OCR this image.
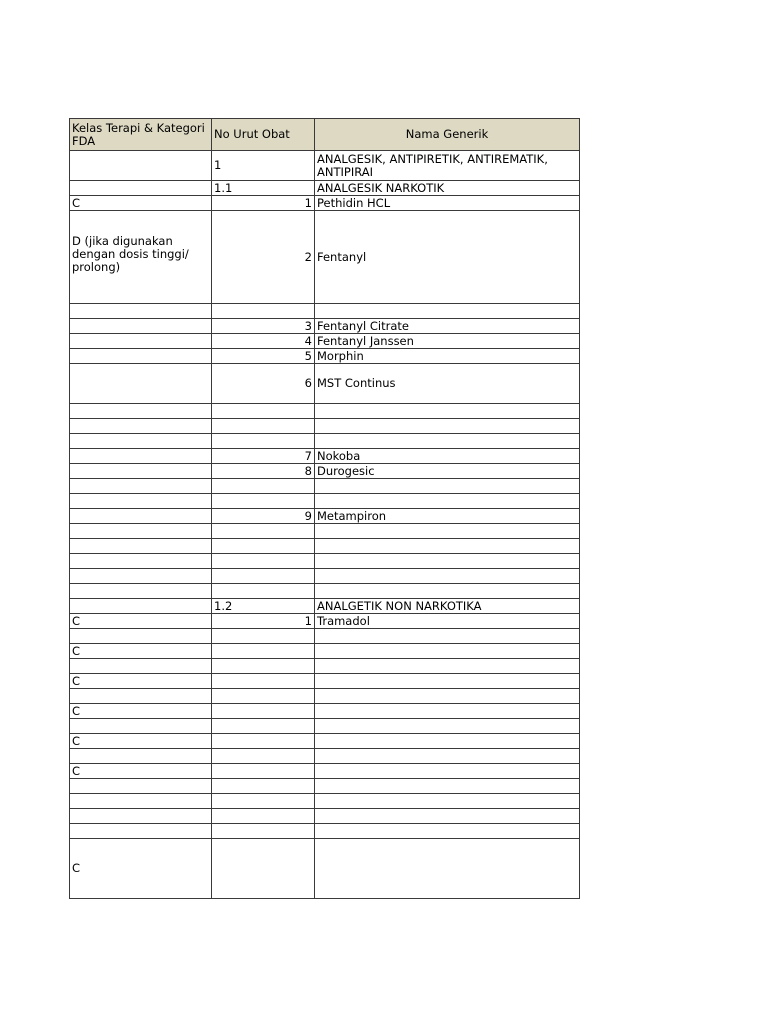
Kelas Terapi & Kategori FDA	No Urut Obat	Nama Generik
	1	ANALGESIK, ANTIPIRETIK, ANTIREMATIK, ANTIPIRAI
	1.1	ANALGESIK NARKOTIK
C	1	Pethidin HCL
D (jika digunakan dengan dosis tinggi/ prolong)	2	Fentanyl

	3	Fentanyl Citrate
	4	Fentanyl Janssen
	5	Morphin
	6	MST Continus

	7	Nokoba
	8	Durogesic

	9	Metampiron

	1.2	ANALGETIK NON NARKOTIKA
C	1	Tramadol

C		

C		

C		

C		

C		

C		
